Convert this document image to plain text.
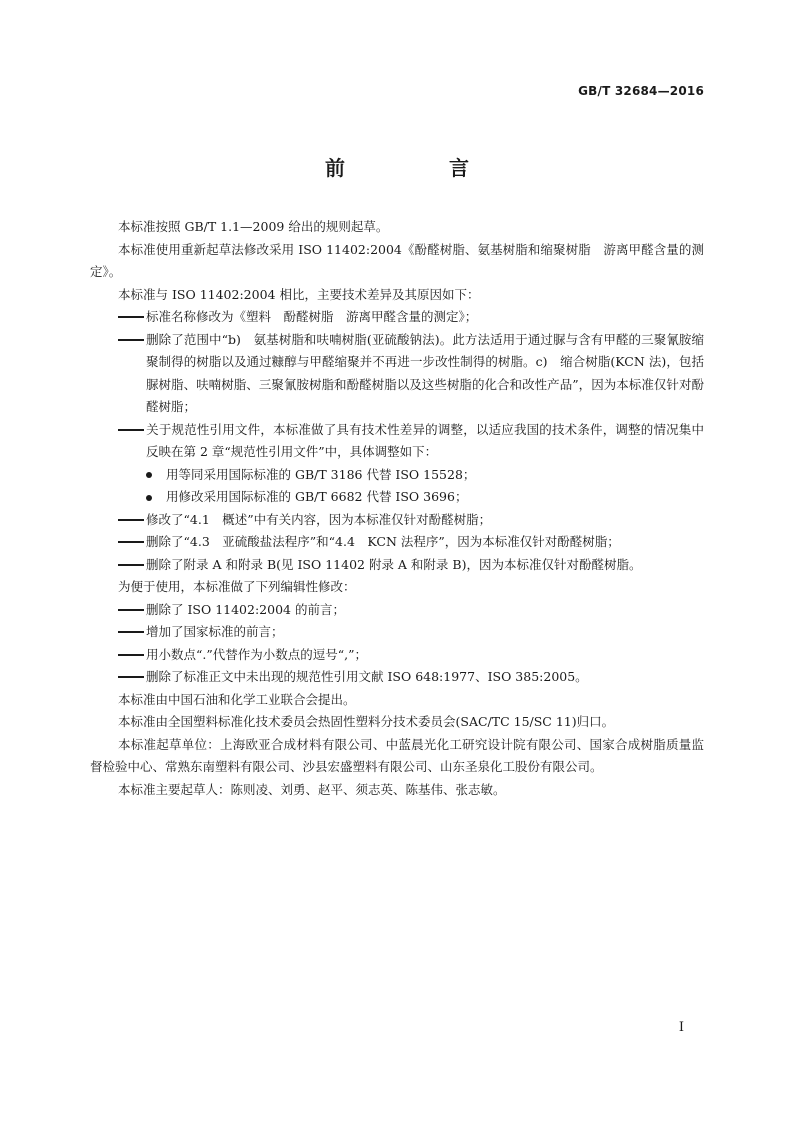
GB/T 32684—2016
前　言

本标准按照 GB/T 1.1—2009 给出的规则起草。

本标准使用重新起草法修改采用 ISO 11402:2004《酚醛树脂、氨基树脂和缩聚树脂　游离甲醛含量的测定》。

本标准与 ISO 11402:2004 相比，主要技术差异及其原因如下：

标准名称修改为《塑料　酚醛树脂　游离甲醛含量的测定》；

删除了范围中“b)　氨基树脂和呋喃树脂(亚硫酸钠法)。此方法适用于通过脲与含有甲醛的三聚氰胺缩聚制得的树脂以及通过糠醇与甲醛缩聚并不再进一步改性制得的树脂。c)　缩合树脂(KCN 法)，包括脲树脂、呋喃树脂、三聚氰胺树脂和酚醛树脂以及这些树脂的化合和改性产品”，因为本标准仅针对酚醛树脂；

关于规范性引用文件，本标准做了具有技术性差异的调整，以适应我国的技术条件，调整的情况集中反映在第 2 章“规范性引用文件”中，具体调整如下：

用等同采用国际标准的 GB/T 3186 代替 ISO 15528；

用修改采用国际标准的 GB/T 6682 代替 ISO 3696；

修改了“4.1　概述”中有关内容，因为本标准仅针对酚醛树脂；

删除了“4.3　亚硫酸盐法程序”和“4.4　KCN 法程序”，因为本标准仅针对酚醛树脂；

删除了附录 A 和附录 B(见 ISO 11402 附录 A 和附录 B)，因为本标准仅针对酚醛树脂。

为便于使用，本标准做了下列编辑性修改：

删除了 ISO 11402:2004 的前言；

增加了国家标准的前言；

用小数点“.”代替作为小数点的逗号“,”；

删除了标准正文中未出现的规范性引用文献 ISO 648:1977、ISO 385:2005。

本标准由中国石油和化学工业联合会提出。

本标准由全国塑料标准化技术委员会热固性塑料分技术委员会(SAC/TC 15/SC 11)归口。

本标准起草单位：上海欧亚合成材料有限公司、中蓝晨光化工研究设计院有限公司、国家合成树脂质量监督检验中心、常熟东南塑料有限公司、沙县宏盛塑料有限公司、山东圣泉化工股份有限公司。

本标准主要起草人：陈则凌、刘勇、赵平、须志英、陈基伟、张志敏。

I
